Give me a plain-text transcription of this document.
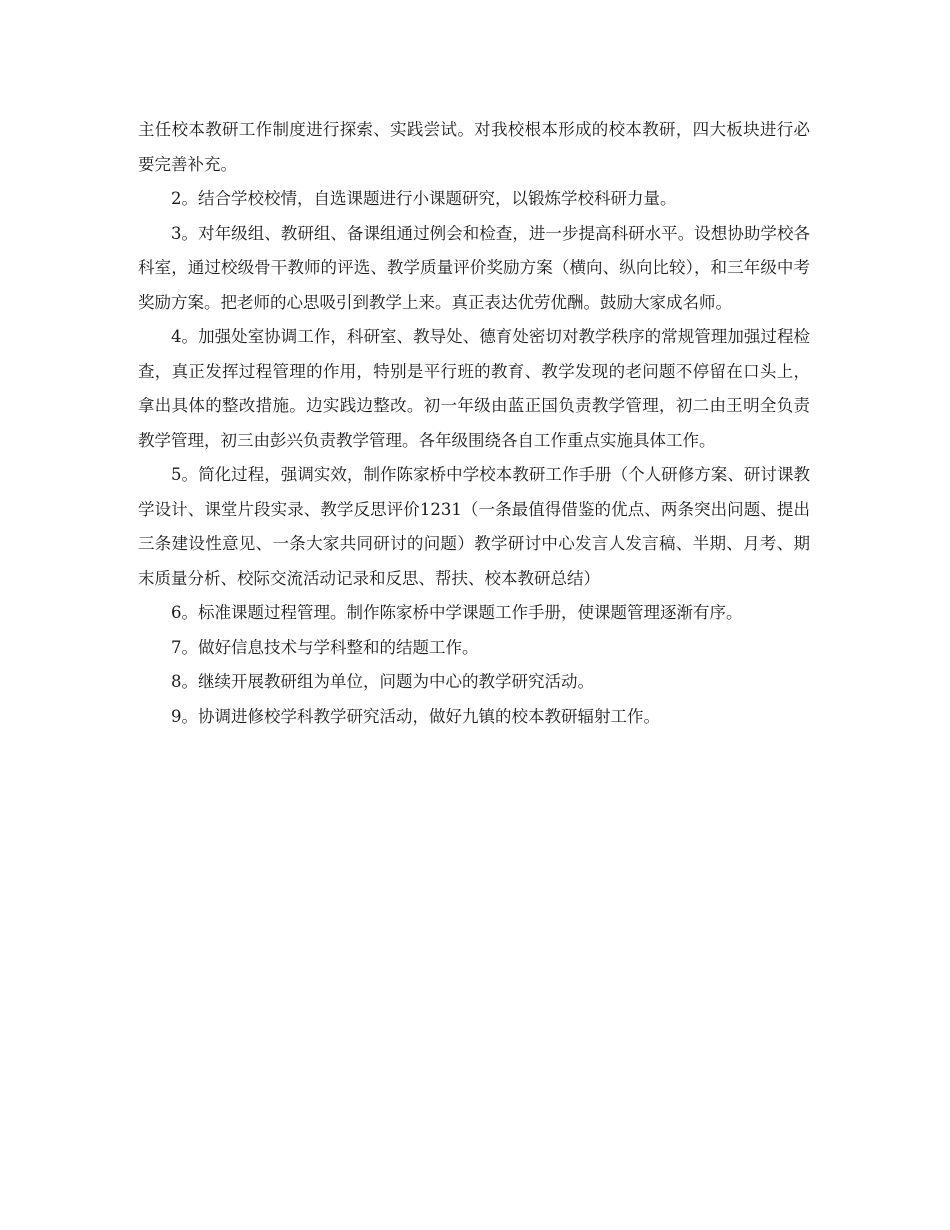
主任校本教研工作制度进行探索、实践尝试。对我校根本形成的校本教研，四大板块进行必要完善补充。

2。结合学校校情，自选课题进行小课题研究，以锻炼学校科研力量。

3。对年级组、教研组、备课组通过例会和检查，进一步提高科研水平。设想协助学校各科室，通过校级骨干教师的评选、教学质量评价奖励方案（横向、纵向比较），和三年级中考奖励方案。把老师的心思吸引到教学上来。真正表达优劳优酬。鼓励大家成名师。

4。加强处室协调工作，科研室、教导处、德育处密切对教学秩序的常规管理加强过程检查，真正发挥过程管理的作用，特别是平行班的教育、教学发现的老问题不停留在口头上，拿出具体的整改措施。边实践边整改。初一年级由蓝正国负责教学管理，初二由王明全负责教学管理，初三由彭兴负责教学管理。各年级围绕各自工作重点实施具体工作。

5。简化过程，强调实效，制作陈家桥中学校本教研工作手册（个人研修方案、研讨课教学设计、课堂片段实录、教学反思评价1231（一条最值得借鉴的优点、两条突出问题、提出三条建设性意见、一条大家共同研讨的问题）教学研讨中心发言人发言稿、半期、月考、期末质量分析、校际交流活动记录和反思、帮扶、校本教研总结）

6。标准课题过程管理。制作陈家桥中学课题工作手册，使课题管理逐渐有序。

7。做好信息技术与学科整和的结题工作。

8。继续开展教研组为单位，问题为中心的教学研究活动。

9。协调进修校学科教学研究活动，做好九镇的校本教研辐射工作。
